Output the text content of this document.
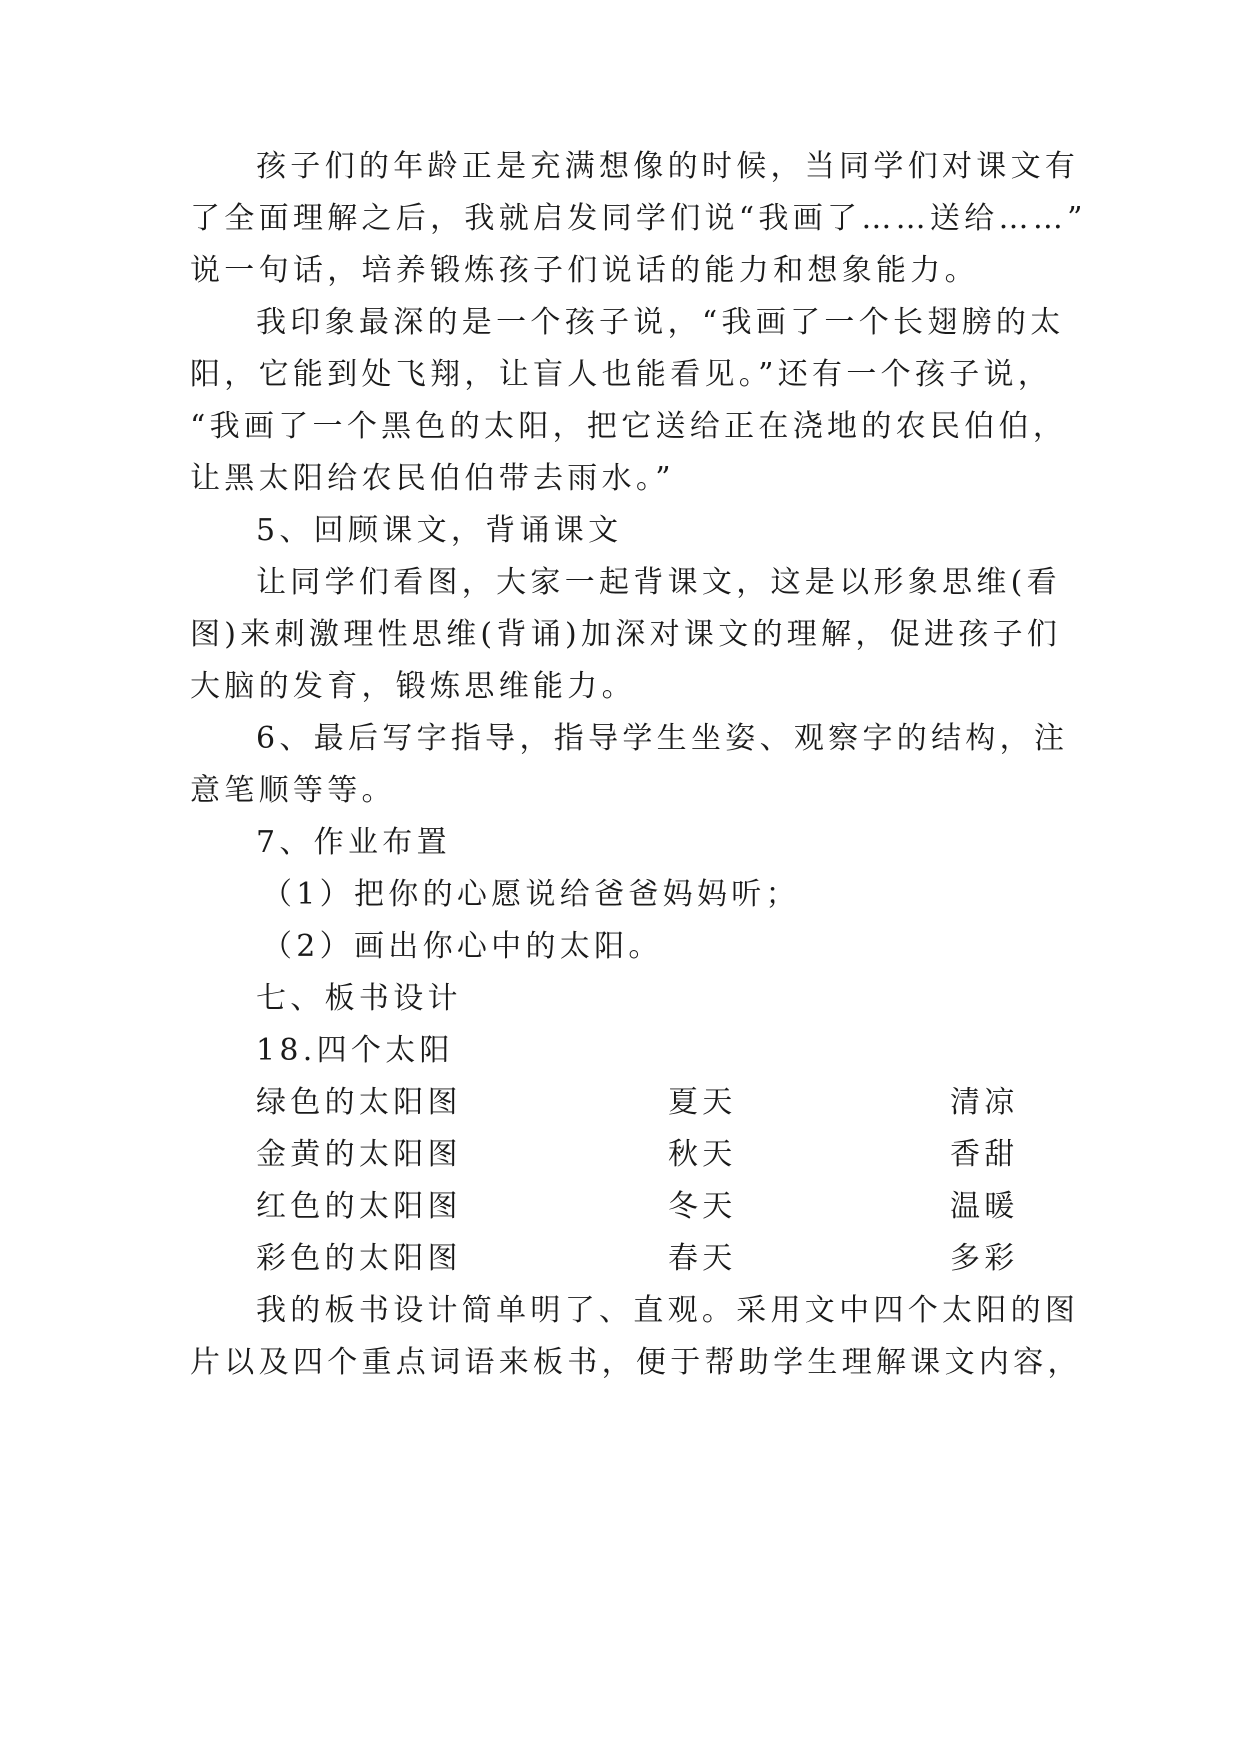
孩子们的年龄正是充满想像的时候，当同学们对课文有
了全面理解之后，我就启发同学们说“我画了……送给……”
说一句话，培养锻炼孩子们说话的能力和想象能力。
我印象最深的是一个孩子说，“我画了一个长翅膀的太
阳，它能到处飞翔，让盲人也能看见。”还有一个孩子说，
“我画了一个黑色的太阳，把它送给正在浇地的农民伯伯，
让黑太阳给农民伯伯带去雨水。”
5、回顾课文，背诵课文
让同学们看图，大家一起背课文，这是以形象思维(看
图)来刺激理性思维(背诵)加深对课文的理解，促进孩子们
大脑的发育，锻炼思维能力。
6、最后写字指导，指导学生坐姿、观察字的结构，注
意笔顺等等。
7、作业布置
（1）把你的心愿说给爸爸妈妈听；
（2）画出你心中的太阳。
七、板书设计
18.四个太阳
绿色的太阳图	夏天	清凉
金黄的太阳图	秋天	香甜
红色的太阳图	冬天	温暖
彩色的太阳图	春天	多彩
我的板书设计简单明了、直观。采用文中四个太阳的图
片以及四个重点词语来板书，便于帮助学生理解课文内容，
